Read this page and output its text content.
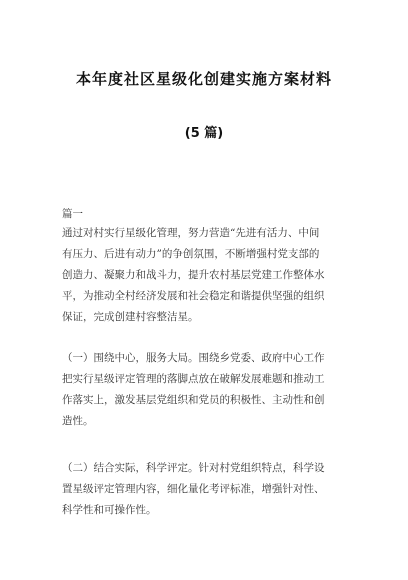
本年度社区星级化创建实施方案材料
(5 篇)

篇一

通过对村实行星级化管理，努力营造“先进有活力、中间
有压力、后进有动力”的争创氛围，不断增强村党支部的
创造力、凝聚力和战斗力，提升农村基层党建工作整体水
平，为推动全村经济发展和社会稳定和谐提供坚强的组织
保证，完成创建村容整洁星。
（一）围绕中心，服务大局。围绕乡党委、政府中心工作
把实行星级评定管理的落脚点放在破解发展难题和推动工
作落实上，激发基层党组织和党员的积极性、主动性和创
造性。
（二）结合实际，科学评定。针对村党组织特点，科学设
置星级评定管理内容，细化量化考评标准，增强针对性、
科学性和可操作性。
